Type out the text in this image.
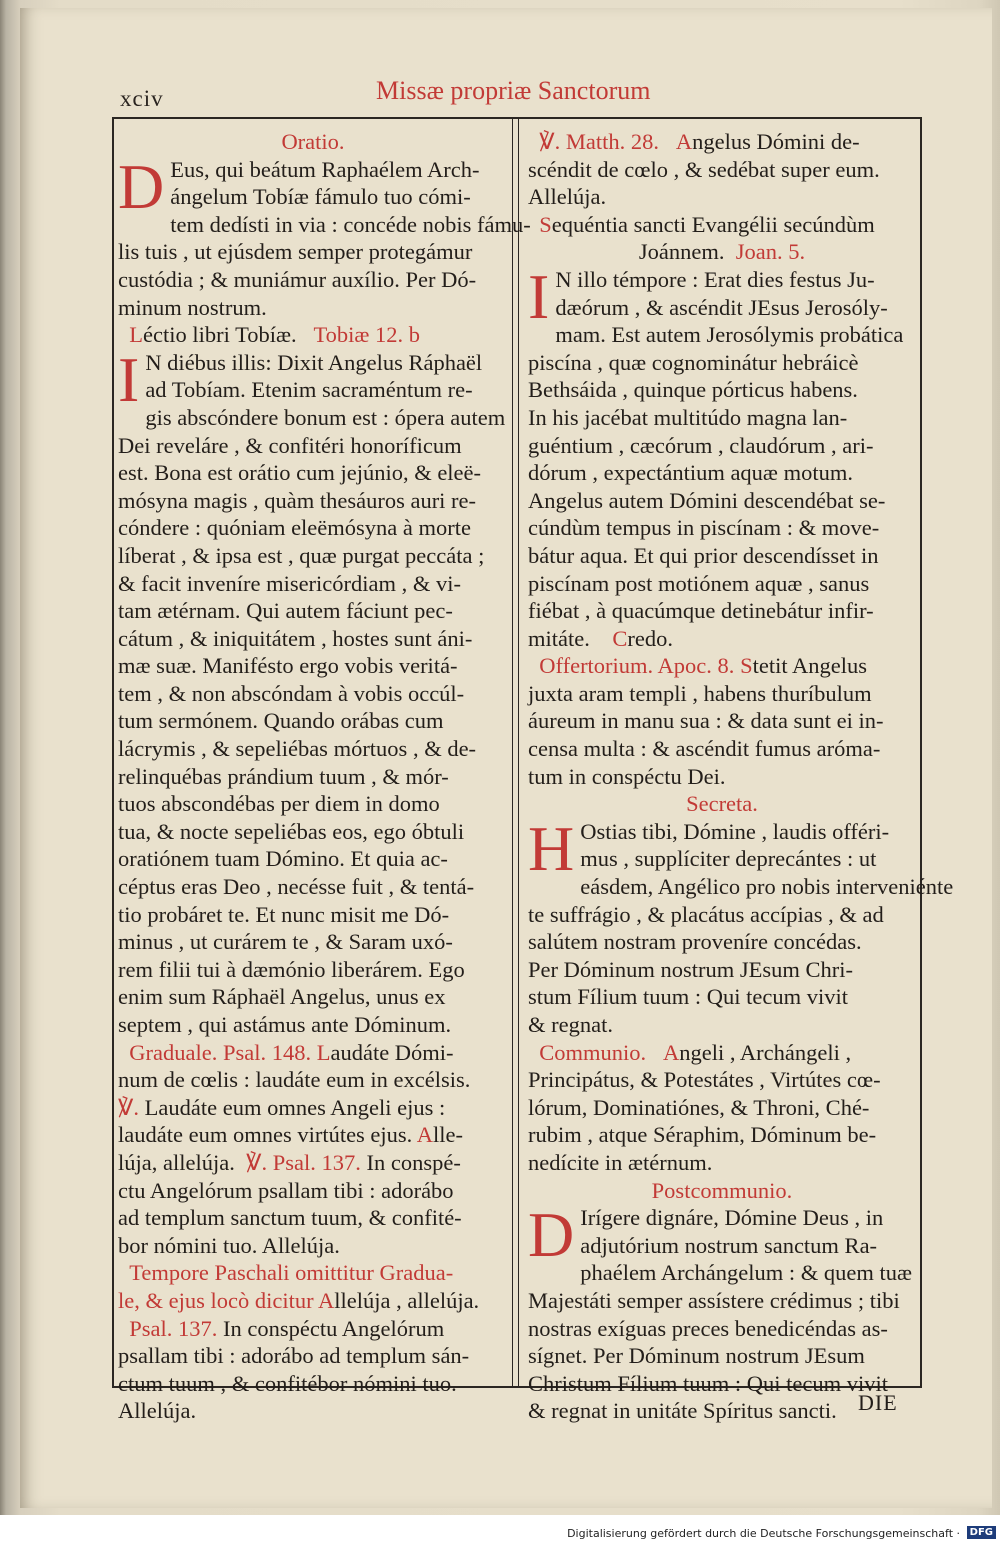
xciv	Missæ propriæ Sanctorum
Oratio.
D Eus, qui beátum Raphaélem Arch-
ángelum Tobíæ fámulo tuo cómi-
tem dedísti in via : concéde nobis fámu-
lis tuis , ut ejúsdem semper protegámur
custódia ; & muniámur auxílio. Per Dó-
minum nostrum.
Léctio libri Tobíæ. Tobiæ 12. b
I N diébus illis: Dixit Angelus Ráphaël
ad Tobíam. Etenim sacraméntum re-
gis abscóndere bonum est : ópera autem
Dei reveláre , & confitéri honoríficum
est. Bona est orátio cum jejúnio, & eleë-
mósyna magis , quàm thesáuros auri re-
cóndere : quóniam eleëmósyna à morte
líberat , & ipsa est , quæ purgat peccáta ;
& facit inveníre misericórdiam , & vi-
tam ætérnam. Qui autem fáciunt pec-
cátum , & iniquitátem , hostes sunt áni-
mæ suæ. Manifésto ergo vobis veritá-
tem , & non abscóndam à vobis occúl-
tum sermónem. Quando orábas cum
lácrymis , & sepeliébas mórtuos , & de-
relinquébas prándium tuum , & mór-
tuos abscondébas per diem in domo
tua, & nocte sepeliébas eos, ego óbtuli
oratiónem tuam Dómino. Et quia ac-
céptus eras Deo , necésse fuit , & tentá-
tio probáret te. Et nunc misit me Dó-
minus , ut curárem te , & Saram uxó-
rem filii tui à dæmónio liberárem. Ego
enim sum Ráphaël Angelus, unus ex
septem , qui astámus ante Dóminum.
Graduale. Psal. 148. Laudáte Dómi-
num de cœlis : laudáte eum in excélsis.
℣. Laudáte eum omnes Angeli ejus :
laudáte eum omnes virtútes ejus. Alle-
lúja, allelúja. ℣. Psal. 137. In conspé-
ctu Angelórum psallam tibi : adorábo
ad templum sanctum tuum, & confité-
bor nómini tuo. Allelúja.
Tempore Paschali omittitur Gradua-
le, & ejus locò dicitur Allelúja , allelúja.
Psal. 137. In conspéctu Angelórum
psallam tibi : adorábo ad templum sán-
ctum tuum , & confitébor nómini tuo.
Allelúja.
℣. Matth. 28. Angelus Dómini de-
scéndit de cœlo , & sedébat super eum.
Allelúja.
Sequéntia sancti Evangélii secúndùm
Joánnem. Joan. 5.
I N illo témpore : Erat dies festus Ju-
dæórum , & ascéndit JEsus Jerosóly-
mam. Est autem Jerosólymis probática
piscína , quæ cognominátur hebráicè
Bethsáida , quinque pórticus habens.
In his jacébat multitúdo magna lan-
guéntium , cæcórum , claudórum , ari-
dórum , expectántium aquæ motum.
Angelus autem Dómini descendébat se-
cúndùm tempus in piscínam : & move-
bátur aqua. Et qui prior descendísset in
piscínam post motiónem aquæ , sanus
fiébat , à quacúmque detinebátur infir-
mitáte. Credo.
Offertorium. Apoc. 8. Stetit Angelus
juxta aram templi , habens thuríbulum
áureum in manu sua : & data sunt ei in-
censa multa : & ascéndit fumus aróma-
tum in conspéctu Dei.
Secreta.
H Ostias tibi, Dómine , laudis offéri-
mus , supplíciter deprecántes : ut
eásdem, Angélico pro nobis interveniénte
te suffrágio , & placátus accípias , & ad
salútem nostram proveníre concédas.
Per Dóminum nostrum JEsum Chri-
stum Fílium tuum : Qui tecum vivit
& regnat.
Communio. Angeli , Archángeli ,
Principátus, & Potestátes , Virtútes cœ-
lórum, Dominatiónes, & Throni, Ché-
rubim , atque Séraphim, Dóminum be-
nedícite in ætérnum.
Postcommunio.
D Irígere dignáre, Dómine Deus , in
adjutórium nostrum sanctum Ra-
phaélem Archángelum : & quem tuæ
Majestáti semper assístere crédimus ; tibi
nostras exíguas preces benedicéndas as-
sígnet. Per Dóminum nostrum JEsum
Christum Fílium tuum : Qui tecum vivit
& regnat in unitáte Spíritus sancti. DIE
Digitalisierung gefördert durch die Deutsche Forschungsgemeinschaft · DFG
